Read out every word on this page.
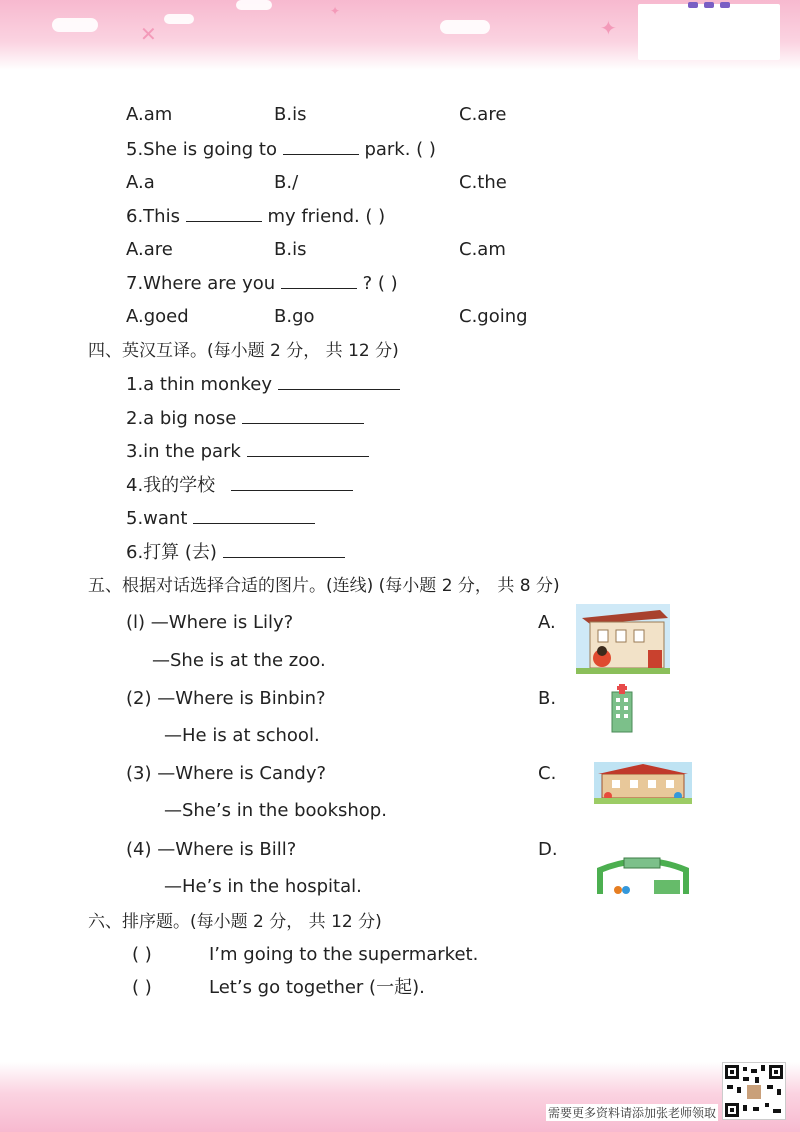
✕	✦
✦
A.am	B.is	C.are
5.She is going to	park. ( )
A.a	B./	C.the
6.This	my friend. ( )
A.are	B.is	C.am
7.Where are you	? ( )
A.goed	B.go	C.going
四、英汉互译。(每小题 2 分， 共 12 分)
1.a thin monkey
2.a big nose
3.in the park
4.我的学校
5.want
6.打算 (去)
五、根据对话选择合适的图片。(连线) (每小题 2 分， 共 8 分)
(l) —Where is Lily?
—She is at the zoo.
A.
(2) —Where is Binbin?
—He is at school.
B.
(3) —Where is Candy?
—She’s in the bookshop.
C.
(4) —Where is Bill?
—He’s in the hospital.
D.
六、排序题。(每小题 2 分， 共 12 分)
( )	I’m going to the supermarket.
( )	Let’s go together (一起).
需要更多资料请添加张老师领取
